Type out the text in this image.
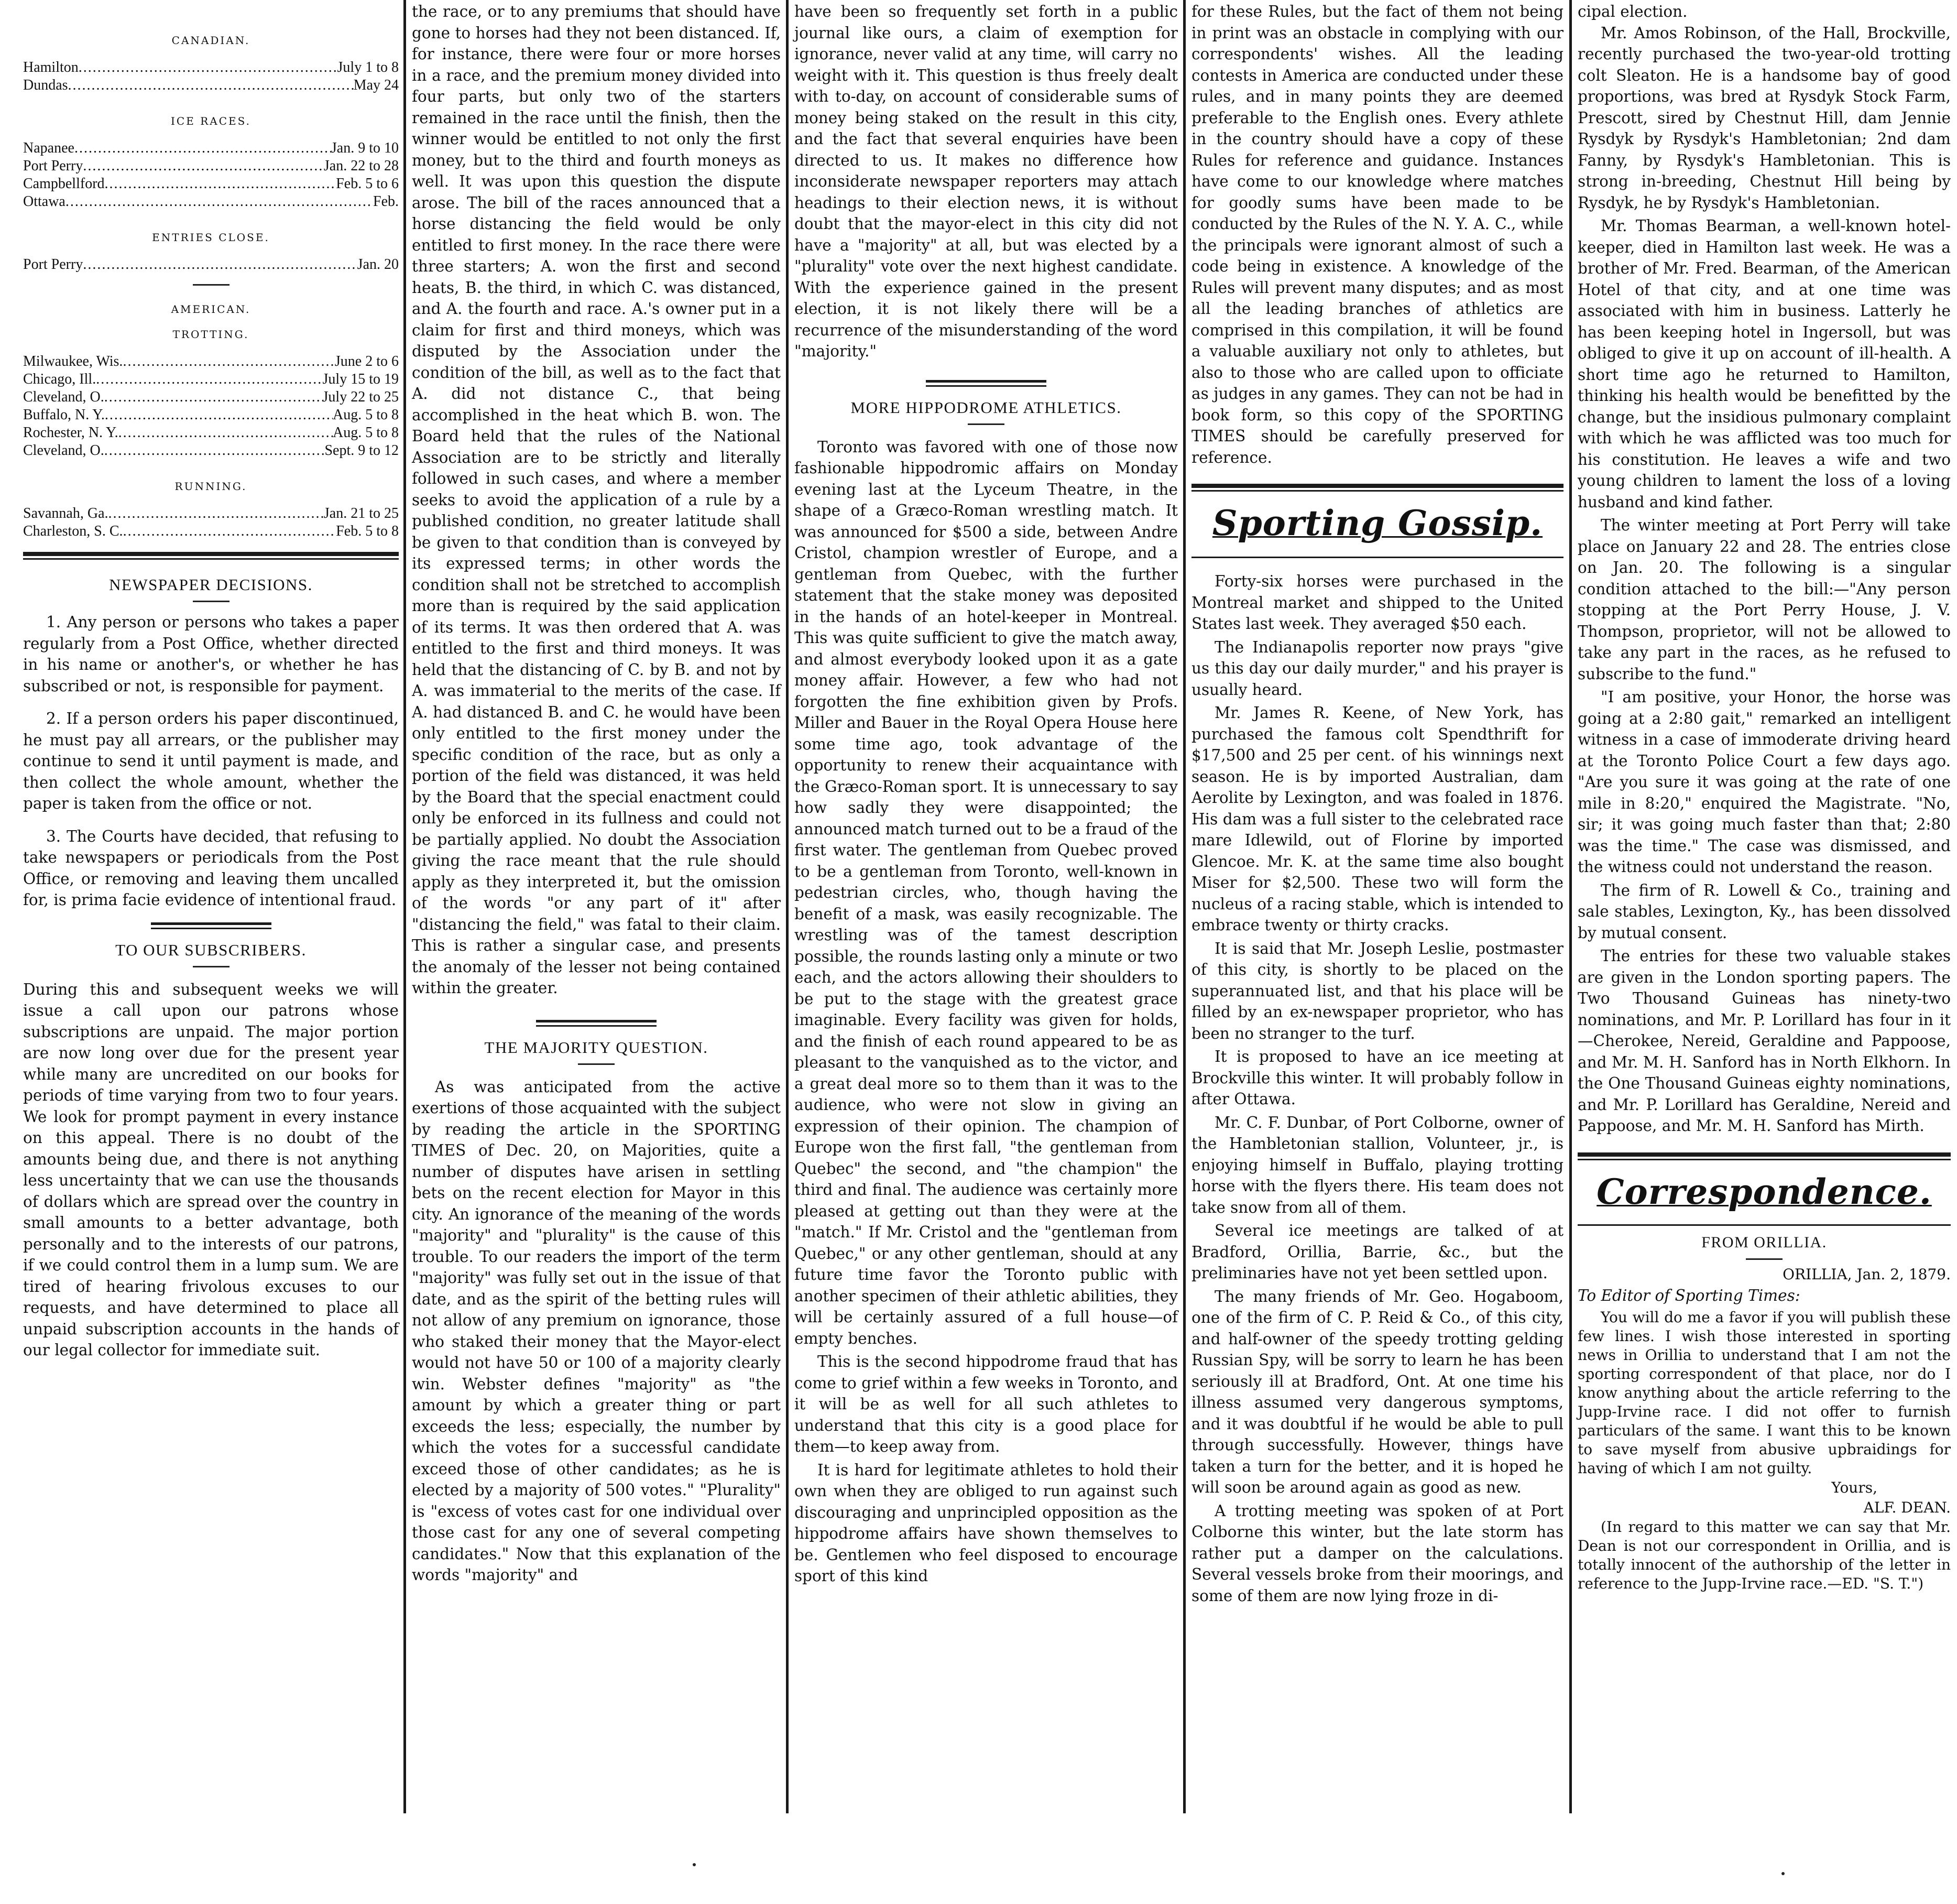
CANADIAN.
Hamilton .....	July 1 to 8
Dundas .....	May 24
ICE RACES.
Napanee .....	Jan. 9 to 10
Port Perry .....	Jan. 22 to 28
Campbellford .....	Feb. 5 to 6
Ottawa .....	Feb.
ENTRIES CLOSE.
Port Perry .....	Jan. 20
AMERICAN.
TROTTING.
Milwaukee, Wis. .....	June 2 to 6
Chicago, Ill. .....	July 15 to 19
Cleveland, O. .....	July 22 to 25
Buffalo, N. Y. .....	Aug. 5 to 8
Rochester, N. Y. .....	Aug. 5 to 8
Cleveland, O. .....	Sept. 9 to 12
RUNNING.
Savannah, Ga. .....	Jan. 21 to 25
Charleston, S. C. .....	Feb. 5 to 8
NEWSPAPER DECISIONS.

1. Any person or persons who takes a paper regularly from a Post Office, whether directed in his name or another's, or whether he has subscribed or not, is responsible for payment.

2. If a person orders his paper discontinued, he must pay all arrears, or the publisher may continue to send it until payment is made, and then collect the whole amount, whether the paper is taken from the office or not.

3. The Courts have decided, that refusing to take newspapers or periodicals from the Post Office, or removing and leaving them uncalled for, is prima facie evidence of intentional fraud.

TO OUR SUBSCRIBERS.

During this and subsequent weeks we will issue a call upon our patrons whose subscriptions are unpaid. The major portion are now long over due for the present year while many are uncredited on our books for periods of time varying from two to four years. We look for prompt payment in every instance on this appeal. There is no doubt of the amounts being due, and there is not anything less uncertainty that we can use the thousands of dollars which are spread over the country in small amounts to a better advantage, both personally and to the interests of our patrons, if we could control them in a lump sum. We are tired of hearing frivolous excuses to our requests, and have determined to place all unpaid subscription accounts in the hands of our legal collector for immediate suit.

the race, or to any premiums that should have gone to horses had they not been distanced. If, for instance, there were four or more horses in a race, and the premium money divided into four parts, but only two of the starters remained in the race until the finish, then the winner would be entitled to not only the first money, but to the third and fourth moneys as well. It was upon this question the dispute arose. The bill of the races announced that a horse distancing the field would be only entitled to first money. In the race there were three starters; A. won the first and second heats, B. the third, in which C. was distanced, and A. the fourth and race. A.'s owner put in a claim for first and third moneys, which was disputed by the Association under the condition of the bill, as well as to the fact that A. did not distance C., that being accomplished in the heat which B. won. The Board held that the rules of the National Association are to be strictly and literally followed in such cases, and where a member seeks to avoid the application of a rule by a published condition, no greater latitude shall be given to that condition than is conveyed by its expressed terms; in other words the condition shall not be stretched to accomplish more than is required by the said application of its terms. It was then ordered that A. was entitled to the first and third moneys. It was held that the distancing of C. by B. and not by A. was immaterial to the merits of the case. If A. had distanced B. and C. he would have been only entitled to the first money under the specific condition of the race, but as only a portion of the field was distanced, it was held by the Board that the special enactment could only be enforced in its fullness and could not be partially applied. No doubt the Association giving the race meant that the rule should apply as they interpreted it, but the omission of the words "or any part of it" after "distancing the field," was fatal to their claim. This is rather a singular case, and presents the anomaly of the lesser not being contained within the greater.

THE MAJORITY QUESTION.

As was anticipated from the active exertions of those acquainted with the subject by reading the article in the SPORTING TIMES of Dec. 20, on Majorities, quite a number of disputes have arisen in settling bets on the recent election for Mayor in this city. An ignorance of the meaning of the words "majority" and "plurality" is the cause of this trouble. To our readers the import of the term "majority" was fully set out in the issue of that date, and as the spirit of the betting rules will not allow of any premium on ignorance, those who staked their money that the Mayor-elect would not have 50 or 100 of a majority clearly win. Webster defines "majority" as "the amount by which a greater thing or part exceeds the less; especially, the number by which the votes for a successful candidate exceed those of other candidates; as he is elected by a majority of 500 votes." "Plurality" is "excess of votes cast for one individual over those cast for any one of several competing candidates." Now that this explanation of the words "majority" and

have been so frequently set forth in a public journal like ours, a claim of exemption for ignorance, never valid at any time, will carry no weight with it. This question is thus freely dealt with to-day, on account of considerable sums of money being staked on the result in this city, and the fact that several enquiries have been directed to us. It makes no difference how inconsiderate newspaper reporters may attach headings to their election news, it is without doubt that the mayor-elect in this city did not have a "majority" at all, but was elected by a "plurality" vote over the next highest candidate. With the experience gained in the present election, it is not likely there will be a recurrence of the misunderstanding of the word "majority."

MORE HIPPODROME ATHLETICS.

Toronto was favored with one of those now fashionable hippodromic affairs on Monday evening last at the Lyceum Theatre, in the shape of a Græco-Roman wrestling match. It was announced for $500 a side, between Andre Cristol, champion wrestler of Europe, and a gentleman from Quebec, with the further statement that the stake money was deposited in the hands of an hotel-keeper in Montreal. This was quite sufficient to give the match away, and almost everybody looked upon it as a gate money affair. However, a few who had not forgotten the fine exhibition given by Profs. Miller and Bauer in the Royal Opera House here some time ago, took advantage of the opportunity to renew their acquaintance with the Græco-Roman sport. It is unnecessary to say how sadly they were disappointed; the announced match turned out to be a fraud of the first water. The gentleman from Quebec proved to be a gentleman from Toronto, well-known in pedestrian circles, who, though having the benefit of a mask, was easily recognizable. The wrestling was of the tamest description possible, the rounds lasting only a minute or two each, and the actors allowing their shoulders to be put to the stage with the greatest grace imaginable. Every facility was given for holds, and the finish of each round appeared to be as pleasant to the vanquished as to the victor, and a great deal more so to them than it was to the audience, who were not slow in giving an expression of their opinion. The champion of Europe won the first fall, "the gentleman from Quebec" the second, and "the champion" the third and final. The audience was certainly more pleased at getting out than they were at the "match." If Mr. Cristol and the "gentleman from Quebec," or any other gentleman, should at any future time favor the Toronto public with another specimen of their athletic abilities, they will be certainly assured of a full house—of empty benches.

This is the second hippodrome fraud that has come to grief within a few weeks in Toronto, and it will be as well for all such athletes to understand that this city is a good place for them—to keep away from.

It is hard for legitimate athletes to hold their own when they are obliged to run against such discouraging and unprincipled opposition as the hippodrome affairs have shown themselves to be. Gentlemen who feel disposed to encourage sport of this kind

for these Rules, but the fact of them not being in print was an obstacle in complying with our correspondents' wishes. All the leading contests in America are conducted under these rules, and in many points they are deemed preferable to the English ones. Every athlete in the country should have a copy of these Rules for reference and guidance. Instances have come to our knowledge where matches for goodly sums have been made to be conducted by the Rules of the N. Y. A. C., while the principals were ignorant almost of such a code being in existence. A knowledge of the Rules will prevent many disputes; and as most all the leading branches of athletics are comprised in this compilation, it will be found a valuable auxiliary not only to athletes, but also to those who are called upon to officiate as judges in any games. They can not be had in book form, so this copy of the SPORTING TIMES should be carefully preserved for reference.

Sporting Gossip.

Forty-six horses were purchased in the Montreal market and shipped to the United States last week. They averaged $50 each.

The Indianapolis reporter now prays "give us this day our daily murder," and his prayer is usually heard.

Mr. James R. Keene, of New York, has purchased the famous colt Spendthrift for $17,500 and 25 per cent. of his winnings next season. He is by imported Australian, dam Aerolite by Lexington, and was foaled in 1876. His dam was a full sister to the celebrated race mare Idlewild, out of Florine by imported Glencoe. Mr. K. at the same time also bought Miser for $2,500. These two will form the nucleus of a racing stable, which is intended to embrace twenty or thirty cracks.

It is said that Mr. Joseph Leslie, postmaster of this city, is shortly to be placed on the superannuated list, and that his place will be filled by an ex-newspaper proprietor, who has been no stranger to the turf.

It is proposed to have an ice meeting at Brockville this winter. It will probably follow in after Ottawa.

Mr. C. F. Dunbar, of Port Colborne, owner of the Hambletonian stallion, Volunteer, jr., is enjoying himself in Buffalo, playing trotting horse with the flyers there. His team does not take snow from all of them.

Several ice meetings are talked of at Bradford, Orillia, Barrie, &c., but the preliminaries have not yet been settled upon.

The many friends of Mr. Geo. Hogaboom, one of the firm of C. P. Reid & Co., of this city, and half-owner of the speedy trotting gelding Russian Spy, will be sorry to learn he has been seriously ill at Bradford, Ont. At one time his illness assumed very dangerous symptoms, and it was doubtful if he would be able to pull through successfully. However, things have taken a turn for the better, and it is hoped he will soon be around again as good as new.

A trotting meeting was spoken of at Port Colborne this winter, but the late storm has rather put a damper on the calculations. Several vessels broke from their moorings, and some of them are now lying froze in di-

cipal election.

Mr. Amos Robinson, of the Hall, Brockville, recently purchased the two-year-old trotting colt Sleaton. He is a handsome bay of good proportions, was bred at Rysdyk Stock Farm, Prescott, sired by Chestnut Hill, dam Jennie Rysdyk by Rysdyk's Hambletonian; 2nd dam Fanny, by Rysdyk's Hambletonian. This is strong in-breeding, Chestnut Hill being by Rysdyk, he by Rysdyk's Hambletonian.

Mr. Thomas Bearman, a well-known hotel-keeper, died in Hamilton last week. He was a brother of Mr. Fred. Bearman, of the American Hotel of that city, and at one time was associated with him in business. Latterly he has been keeping hotel in Ingersoll, but was obliged to give it up on account of ill-health. A short time ago he returned to Hamilton, thinking his health would be benefitted by the change, but the insidious pulmonary complaint with which he was afflicted was too much for his constitution. He leaves a wife and two young children to lament the loss of a loving husband and kind father.

The winter meeting at Port Perry will take place on January 22 and 28. The entries close on Jan. 20. The following is a singular condition attached to the bill:—"Any person stopping at the Port Perry House, J. V. Thompson, proprietor, will not be allowed to take any part in the races, as he refused to subscribe to the fund."

"I am positive, your Honor, the horse was going at a 2:80 gait," remarked an intelligent witness in a case of immoderate driving heard at the Toronto Police Court a few days ago. "Are you sure it was going at the rate of one mile in 8:20," enquired the Magistrate. "No, sir; it was going much faster than that; 2:80 was the time." The case was dismissed, and the witness could not understand the reason.

The firm of R. Lowell & Co., training and sale stables, Lexington, Ky., has been dissolved by mutual consent.

The entries for these two valuable stakes are given in the London sporting papers. The Two Thousand Guineas has ninety-two nominations, and Mr. P. Lorillard has four in it—Cherokee, Nereid, Geraldine and Pappoose, and Mr. M. H. Sanford has in North Elkhorn. In the One Thousand Guineas eighty nominations, and Mr. P. Lorillard has Geraldine, Nereid and Pappoose, and Mr. M. H. Sanford has Mirth.

Correspondence.
FROM ORILLIA.

ORILLIA, Jan. 2, 1879.

To Editor of Sporting Times:

You will do me a favor if you will publish these few lines. I wish those interested in sporting news in Orillia to understand that I am not the sporting correspondent of that place, nor do I know anything about the article referring to the Jupp-Irvine race. I did not offer to furnish particulars of the same. I want this to be known to save myself from abusive upbraidings for having of which I am not guilty.

Yours,

ALF. DEAN.

(In regard to this matter we can say that Mr. Dean is not our correspondent in Orillia, and is totally innocent of the authorship of the letter in reference to the Jupp-Irvine race.—ED. "S. T.")
